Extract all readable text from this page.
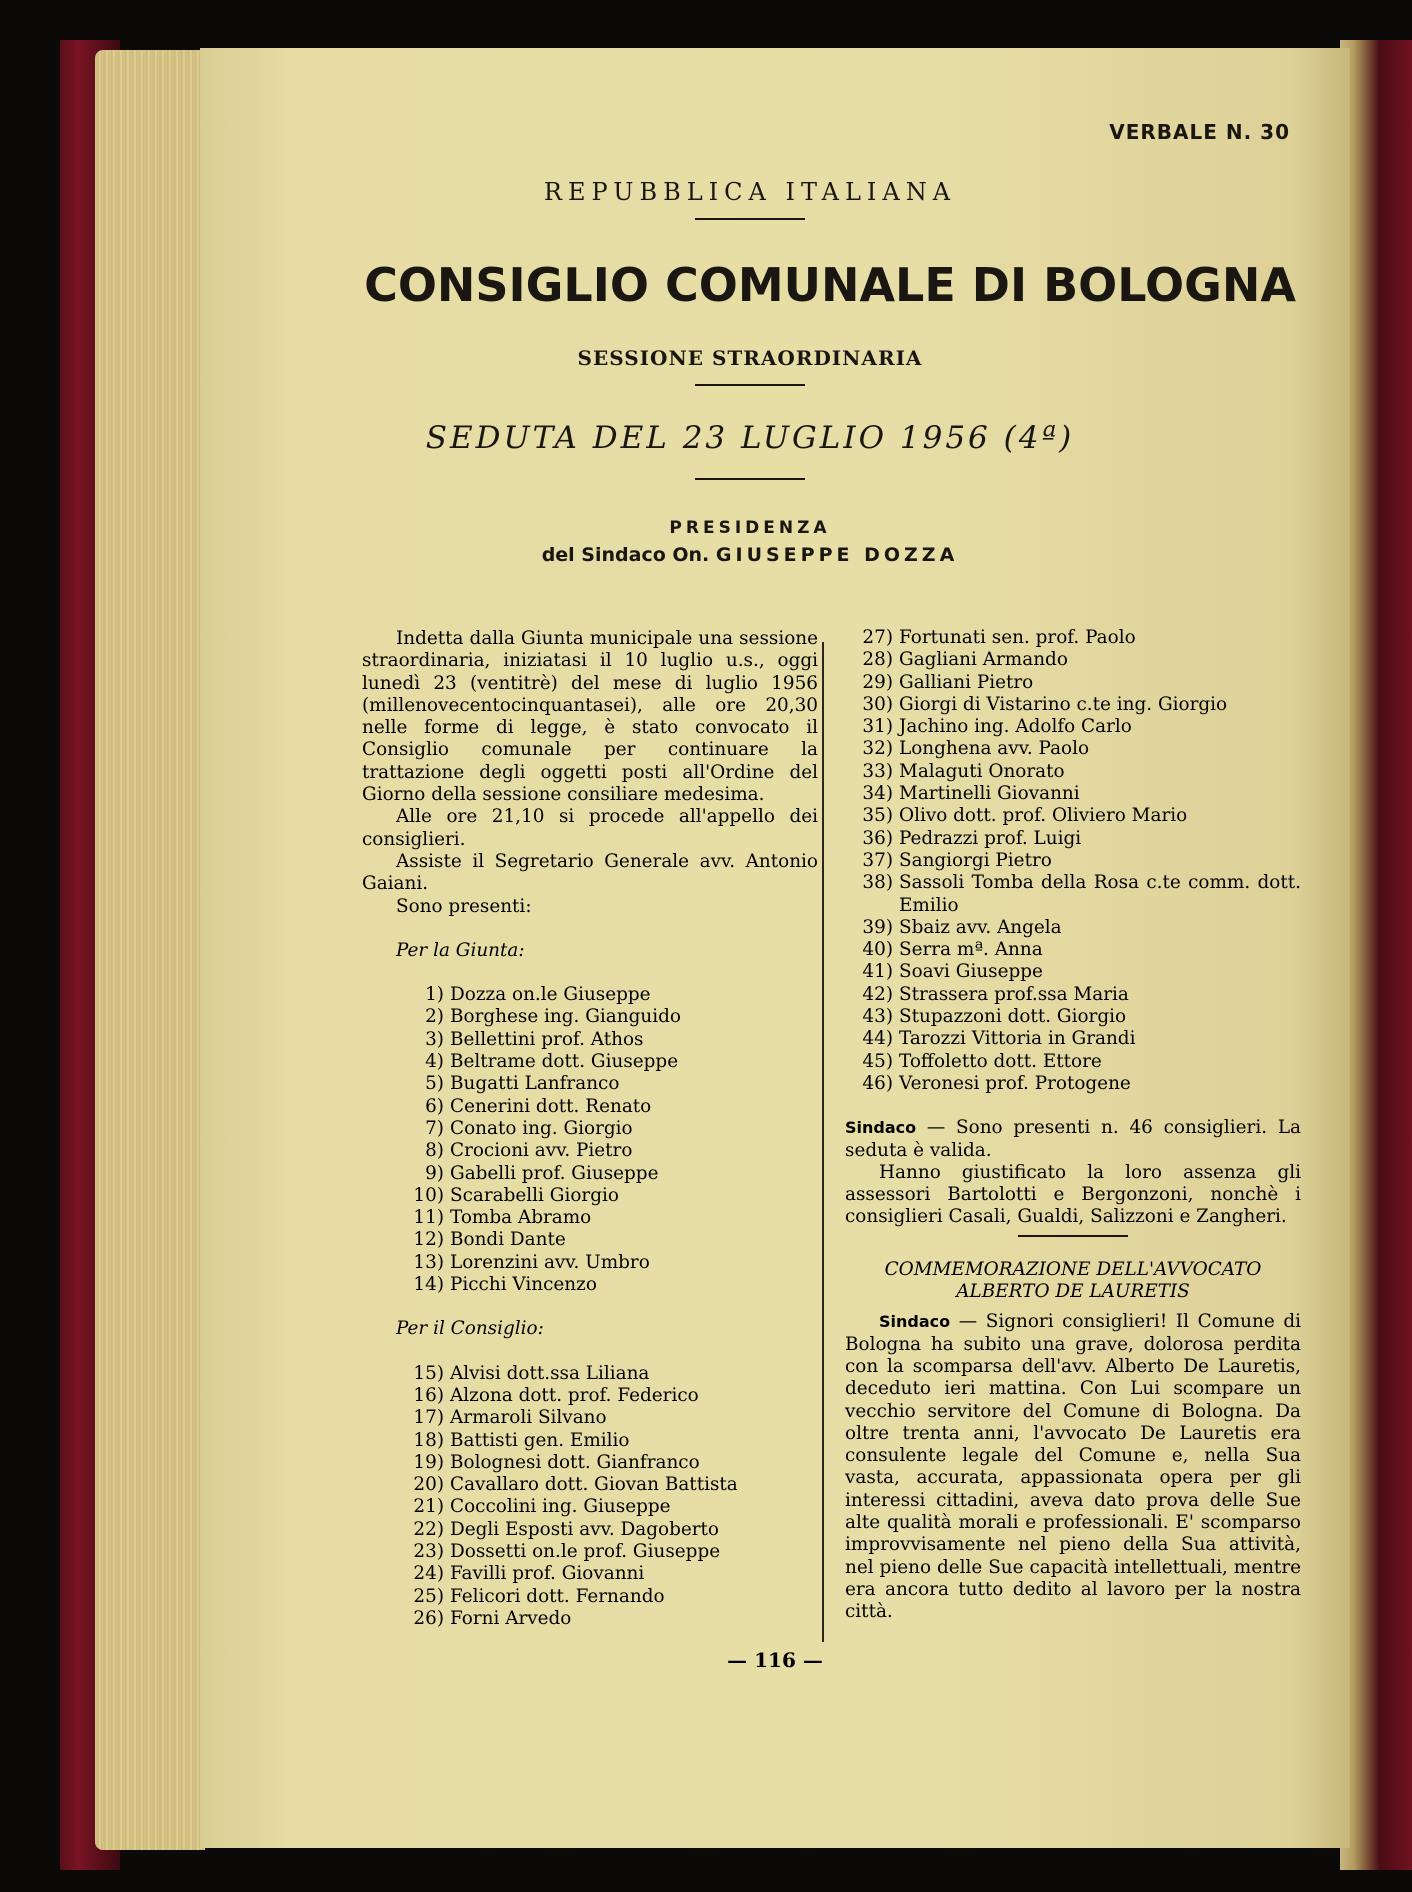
VERBALE N. 30
REPUBBLICA ITALIANA
CONSIGLIO COMUNALE DI BOLOGNA
SESSIONE STRAORDINARIA
SEDUTA DEL 23 LUGLIO 1956 (4ª)
PRESIDENZA
del Sindaco On. GIUSEPPE DOZZA

Indetta dalla Giunta municipale una sessione straordinaria, iniziatasi il 10 luglio u.s., oggi lunedì 23 (ventitrè) del mese di luglio 1956 (millenovecentocinquantasei), alle ore 20,30 nelle forme di legge, è stato convocato il Consiglio comunale per continuare la trattazione degli oggetti posti all'Ordine del Giorno della sessione consiliare medesima.

Alle ore 21,10 si procede all'appello dei consiglieri.

Assiste il Segretario Generale avv. Antonio Gaiani.

Sono presenti:

Per la Giunta:
1) Dozza on.le Giuseppe
2) Borghese ing. Gianguido
3) Bellettini prof. Athos
4) Beltrame dott. Giuseppe
5) Bugatti Lanfranco
6) Cenerini dott. Renato
7) Conato ing. Giorgio
8) Crocioni avv. Pietro
9) Gabelli prof. Giuseppe
10) Scarabelli Giorgio
11) Tomba Abramo
12) Bondi Dante
13) Lorenzini avv. Umbro
14) Picchi Vincenzo
Per il Consiglio:
15) Alvisi dott.ssa Liliana
16) Alzona dott. prof. Federico
17) Armaroli Silvano
18) Battisti gen. Emilio
19) Bolognesi dott. Gianfranco
20) Cavallaro dott. Giovan Battista
21) Coccolini ing. Giuseppe
22) Degli Esposti avv. Dagoberto
23) Dossetti on.le prof. Giuseppe
24) Favilli prof. Giovanni
25) Felicori dott. Fernando
26) Forni Arvedo
27) Fortunati sen. prof. Paolo
28) Gagliani Armando
29) Galliani Pietro
30) Giorgi di Vistarino c.te ing. Giorgio
31) Jachino ing. Adolfo Carlo
32) Longhena avv. Paolo
33) Malaguti Onorato
34) Martinelli Giovanni
35) Olivo dott. prof. Oliviero Mario
36) Pedrazzi prof. Luigi
37) Sangiorgi Pietro
38) Sassoli Tomba della Rosa c.te comm. dott. Emilio
39) Sbaiz avv. Angela
40) Serra mª. Anna
41) Soavi Giuseppe
42) Strassera prof.ssa Maria
43) Stupazzoni dott. Giorgio
44) Tarozzi Vittoria in Grandi
45) Toffoletto dott. Ettore
46) Veronesi prof. Protogene

Sindaco — Sono presenti n. 46 consiglieri. La seduta è valida.

Hanno giustificato la loro assenza gli assessori Bartolotti e Bergonzoni, nonchè i consiglieri Casali, Gualdi, Salizzoni e Zangheri.

COMMEMORAZIONE DELL'AVVOCATO
ALBERTO DE LAURETIS

Sindaco — Signori consiglieri! Il Comune di Bologna ha subito una grave, dolorosa perdita con la scomparsa dell'avv. Alberto De Lauretis, deceduto ieri mattina. Con Lui scompare un vecchio servitore del Comune di Bologna. Da oltre trenta anni, l'avvocato De Lauretis era consulente legale del Comune e, nella Sua vasta, accurata, appassionata opera per gli interessi cittadini, aveva dato prova delle Sue alte qualità morali e professionali. E' scomparso improvvisamente nel pieno della Sua attività, nel pieno delle Sue capacità intellettuali, mentre era ancora tutto dedito al lavoro per la nostra città.

— 116 —
